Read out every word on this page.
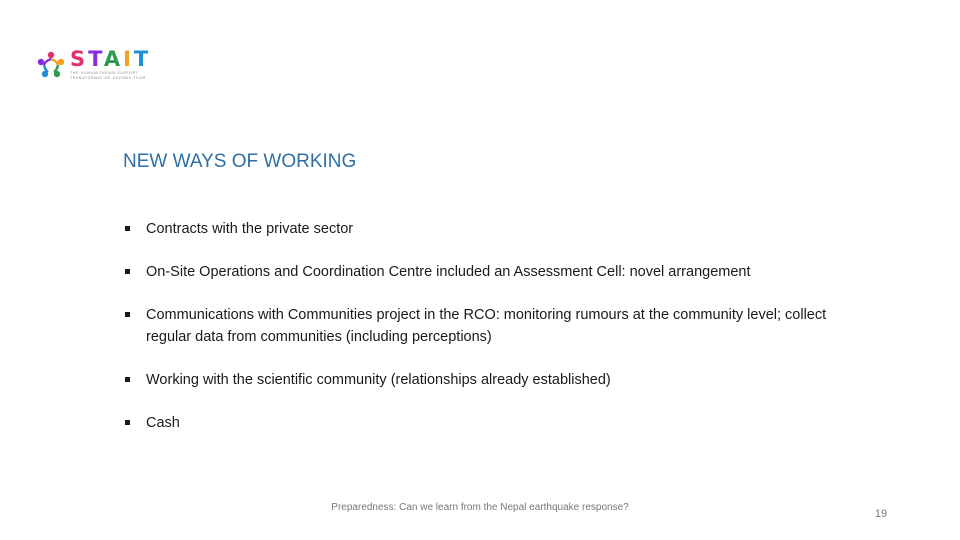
STAIT
THE HUMANITARIAN SUPPORT
TRANSFORMATIVE AGENDA TEAM
NEW WAYS OF WORKING
Contracts with the private sector
On-Site Operations and Coordination Centre included an Assessment Cell: novel arrangement
Communications with Communities project in the RCO: monitoring rumours at the community level; collect regular data from communities (including perceptions)
Working with the scientific community (relationships already established)
Cash
Preparedness: Can we learn from the Nepal earthquake response?
19
